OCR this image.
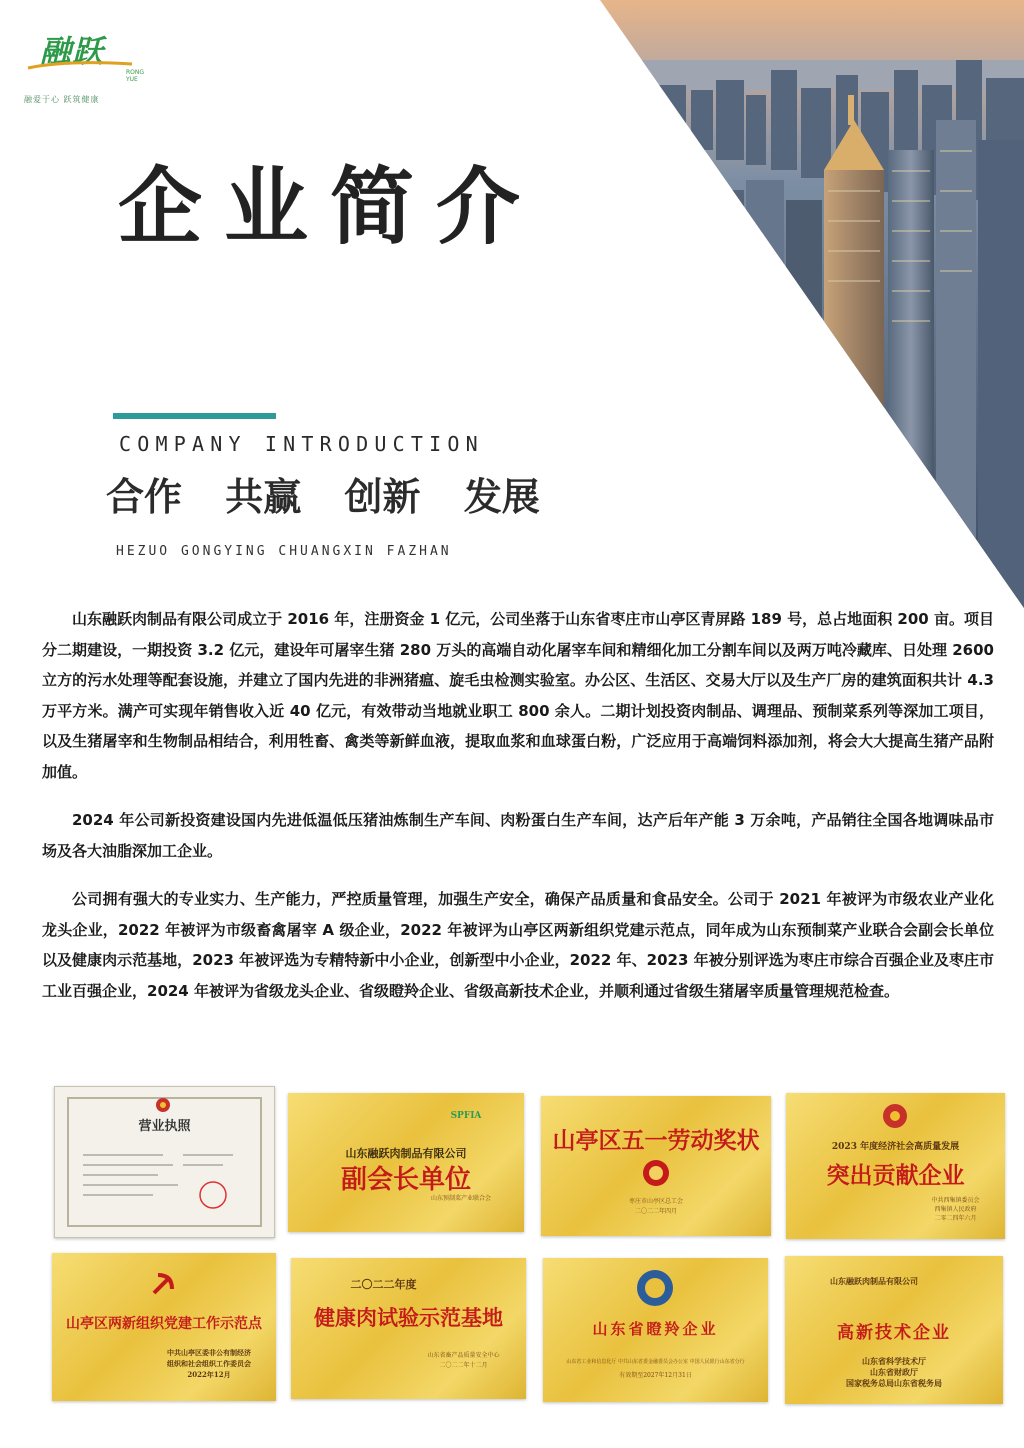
融跃
RONG YUE
融爱于心 跃筑健康
企业简介
COMPANY INTRODUCTION
合作 共赢 创新 发展
HEZUO GONGYING CHUANGXIN FAZHAN

山东融跃肉制品有限公司成立于 2016 年，注册资金 1 亿元，公司坐落于山东省枣庄市山亭区青屏路 189 号，总占地面积 200 亩。项目分二期建设，一期投资 3.2 亿元，建设年可屠宰生猪 280 万头的高端自动化屠宰车间和精细化加工分割车间以及两万吨冷藏库、日处理 2600 立方的污水处理等配套设施，并建立了国内先进的非洲猪瘟、旋毛虫检测实验室。办公区、生活区、交易大厅以及生产厂房的建筑面积共计 4.3 万平方米。满产可实现年销售收入近 40 亿元，有效带动当地就业职工 800 余人。二期计划投资肉制品、调理品、预制菜系列等深加工项目，以及生猪屠宰和生物制品相结合，利用牲畜、禽类等新鲜血液，提取血浆和血球蛋白粉，广泛应用于高端饲料添加剂，将会大大提高生猪产品附加值。

2024 年公司新投资建设国内先进低温低压猪油炼制生产车间、肉粉蛋白生产车间，达产后年产能 3 万余吨，产品销往全国各地调味品市场及各大油脂深加工企业。

公司拥有强大的专业实力、生产能力，严控质量管理，加强生产安全，确保产品质量和食品安全。公司于 2021 年被评为市级农业产业化龙头企业，2022 年被评为市级畜禽屠宰 A 级企业，2022 年被评为山亭区两新组织党建示范点，同年成为山东预制菜产业联合会副会长单位以及健康肉示范基地，2023 年被评选为专精特新中小企业，创新型中小企业，2022 年、2023 年被分别评选为枣庄市综合百强企业及枣庄市工业百强企业，2024 年被评为省级龙头企业、省级瞪羚企业、省级高新技术企业，并顺利通过省级生猪屠宰质量管理规范检查。

营业执照
SPFIA
山东融跃肉制品有限公司
副会长单位
山东预制菜产业联合会
山亭区五一劳动奖状
枣庄市山亭区总工会
二〇二二年四月
2023 年度经济社会高质量发展
突出贡献企业
中共西集镇委员会
西集镇人民政府
二零二四年六月
山亭区两新组织党建工作示范点
中共山亭区委非公有制经济
组织和社会组织工作委员会
2022年12月
二〇二二年度
健康肉试验示范基地
山东省畜产品质量安全中心
二〇二二年十二月
山东省瞪羚企业
山东省工业和信息化厅 中共山东省委金融委员会办公室 中国人民银行山东省分行
有效期至2027年12月31日
山东融跃肉制品有限公司
高新技术企业
山东省科学技术厅
山东省财政厅
国家税务总局山东省税务局
